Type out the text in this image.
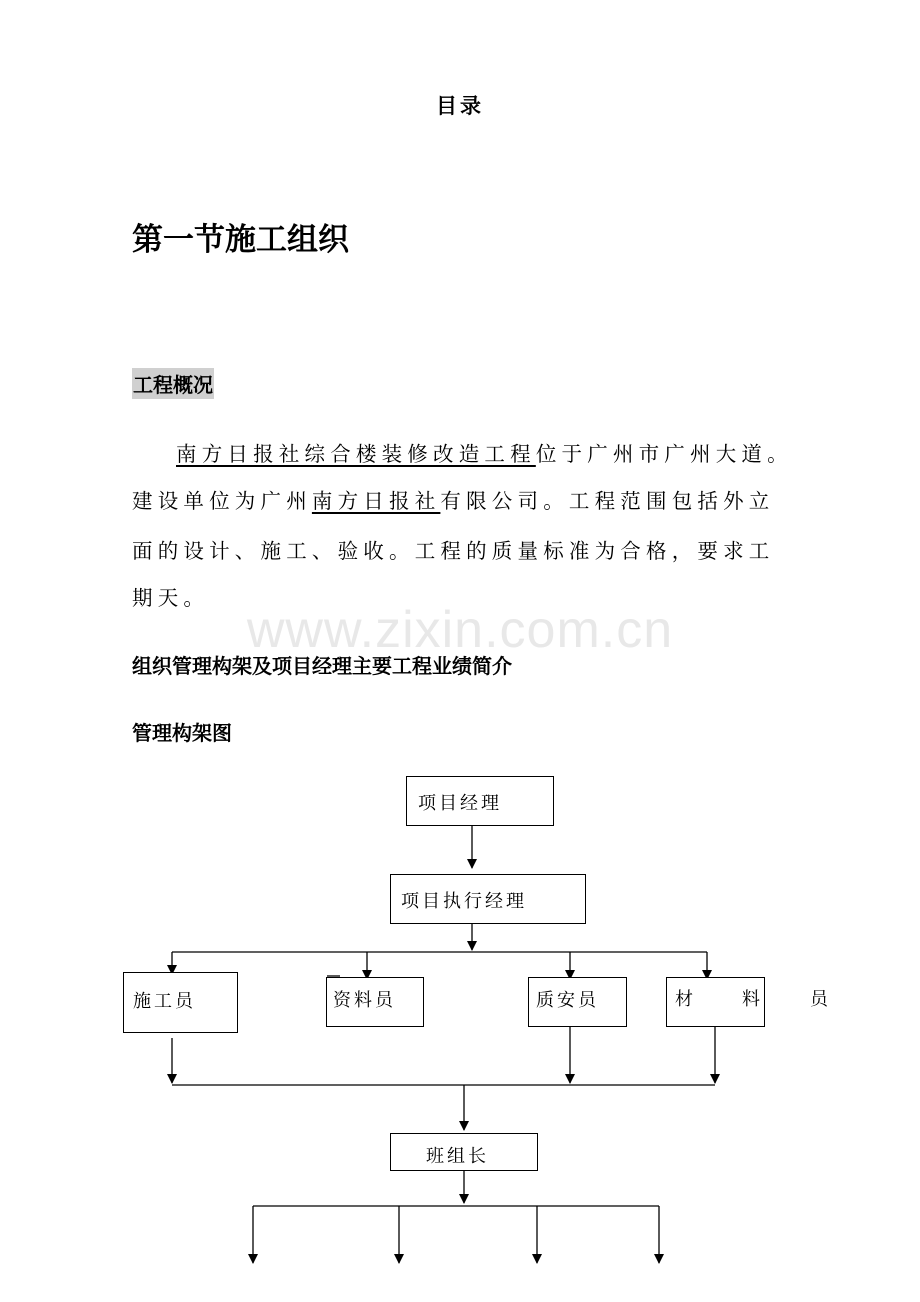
www.zixin.com.cn
目录
第一节施工组织
工程概况
南方日报社综合楼装修改造工程位于广州市广州大道。
建设单位为广州南方日报社有限公司。工程范围包括外立
面的设计、施工、验收。工程的质量标准为合格，要求工
期天。
组织管理构架及项目经理主要工程业绩简介
管理构架图
项目经理
项目执行经理
施工员	资料员	质安员	材	料	员
班组长
